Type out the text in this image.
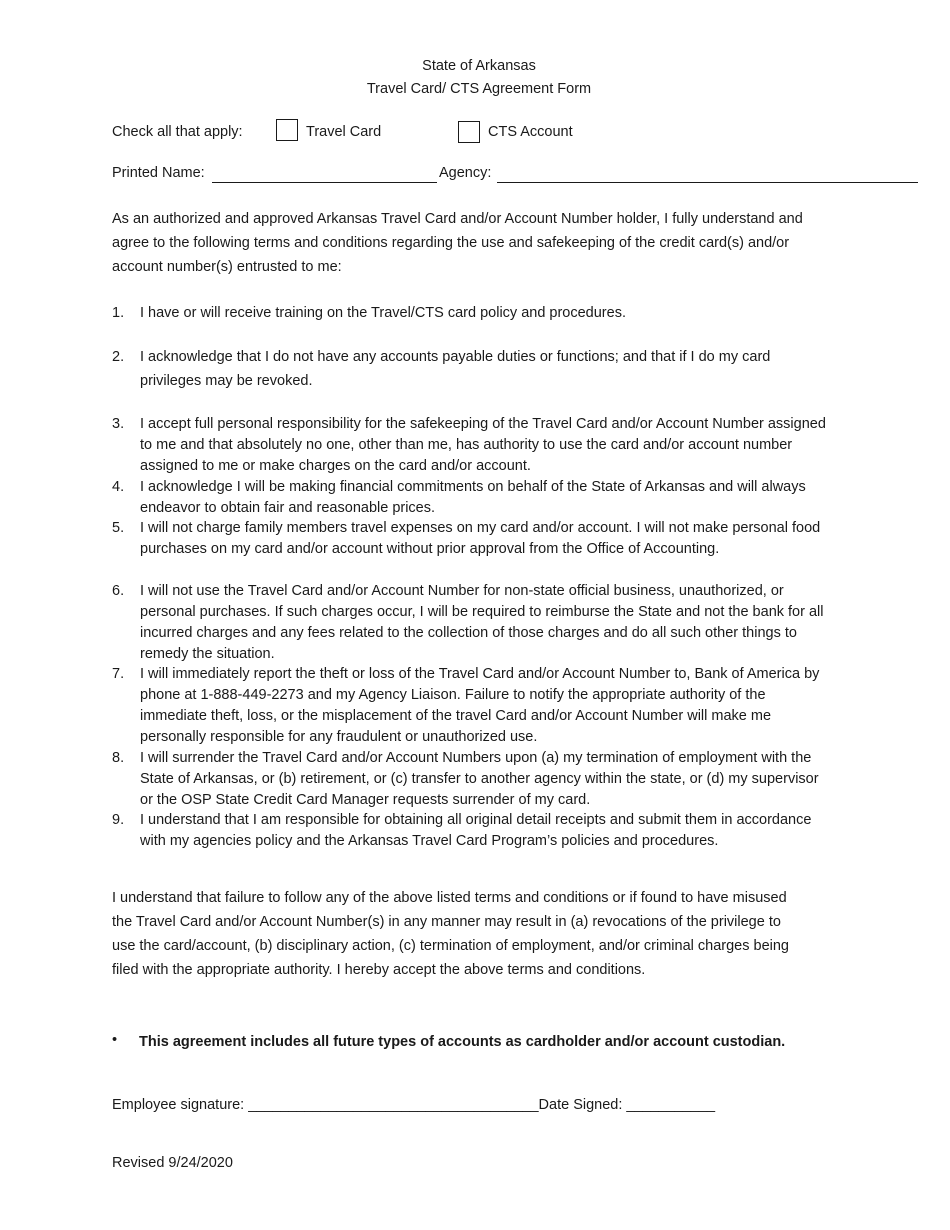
State of Arkansas
Travel Card/ CTS Agreement Form
Check all that apply:	Travel Card	CTS Account
Printed Name:	Agency:
As an authorized and approved Arkansas Travel Card and/or Account Number holder, I fully understand and agree to the following terms and conditions regarding the use and safekeeping of the credit card(s) and/or account number(s) entrusted to me:
1.	I have or will receive training on the Travel/CTS card policy and procedures.
2.	I acknowledge that I do not have any accounts payable duties or functions; and that if I do my card privileges may be revoked.
3.	I accept full personal responsibility for the safekeeping of the Travel Card and/or Account Number assigned to me and that absolutely no one, other than me, has authority to use the card and/or account number assigned to me or make charges on the card and/or account.
4.	I acknowledge I will be making financial commitments on behalf of the State of Arkansas and will always endeavor to obtain fair and reasonable prices.
5.	I will not charge family members travel expenses on my card and/or account. I will not make personal food purchases on my card and/or account without prior approval from the Office of Accounting.
6.	I will not use the Travel Card and/or Account Number for non-state official business, unauthorized, or personal purchases. If such charges occur, I will be required to reimburse the State and not the bank for all incurred charges and any fees related to the collection of those charges and do all such other things to remedy the situation.
7.	I will immediately report the theft or loss of the Travel Card and/or Account Number to, Bank of America by phone at 1-888-449-2273 and my Agency Liaison. Failure to notify the appropriate authority of the immediate theft, loss, or the misplacement of the travel Card and/or Account Number will make me personally responsible for any fraudulent or unauthorized use.
8.	I will surrender the Travel Card and/or Account Numbers upon (a) my termination of employment with the State of Arkansas, or (b) retirement, or (c) transfer to another agency within the state, or (d) my supervisor or the OSP State Credit Card Manager requests surrender of my card.
9.	I understand that I am responsible for obtaining all original detail receipts and submit them in accordance with my agencies policy and the Arkansas Travel Card Program’s policies and procedures.
I understand that failure to follow any of the above listed terms and conditions or if found to have misused the Travel Card and/or Account Number(s) in any manner may result in (a) revocations of the privilege to use the card/account, (b) disciplinary action, (c) termination of employment, and/or criminal charges being filed with the appropriate authority. I hereby accept the above terms and conditions.
• This agreement includes all future types of accounts as cardholder and/or account custodian.
Employee signature: ____________________________________Date Signed: ___________
Revised 9/24/2020
